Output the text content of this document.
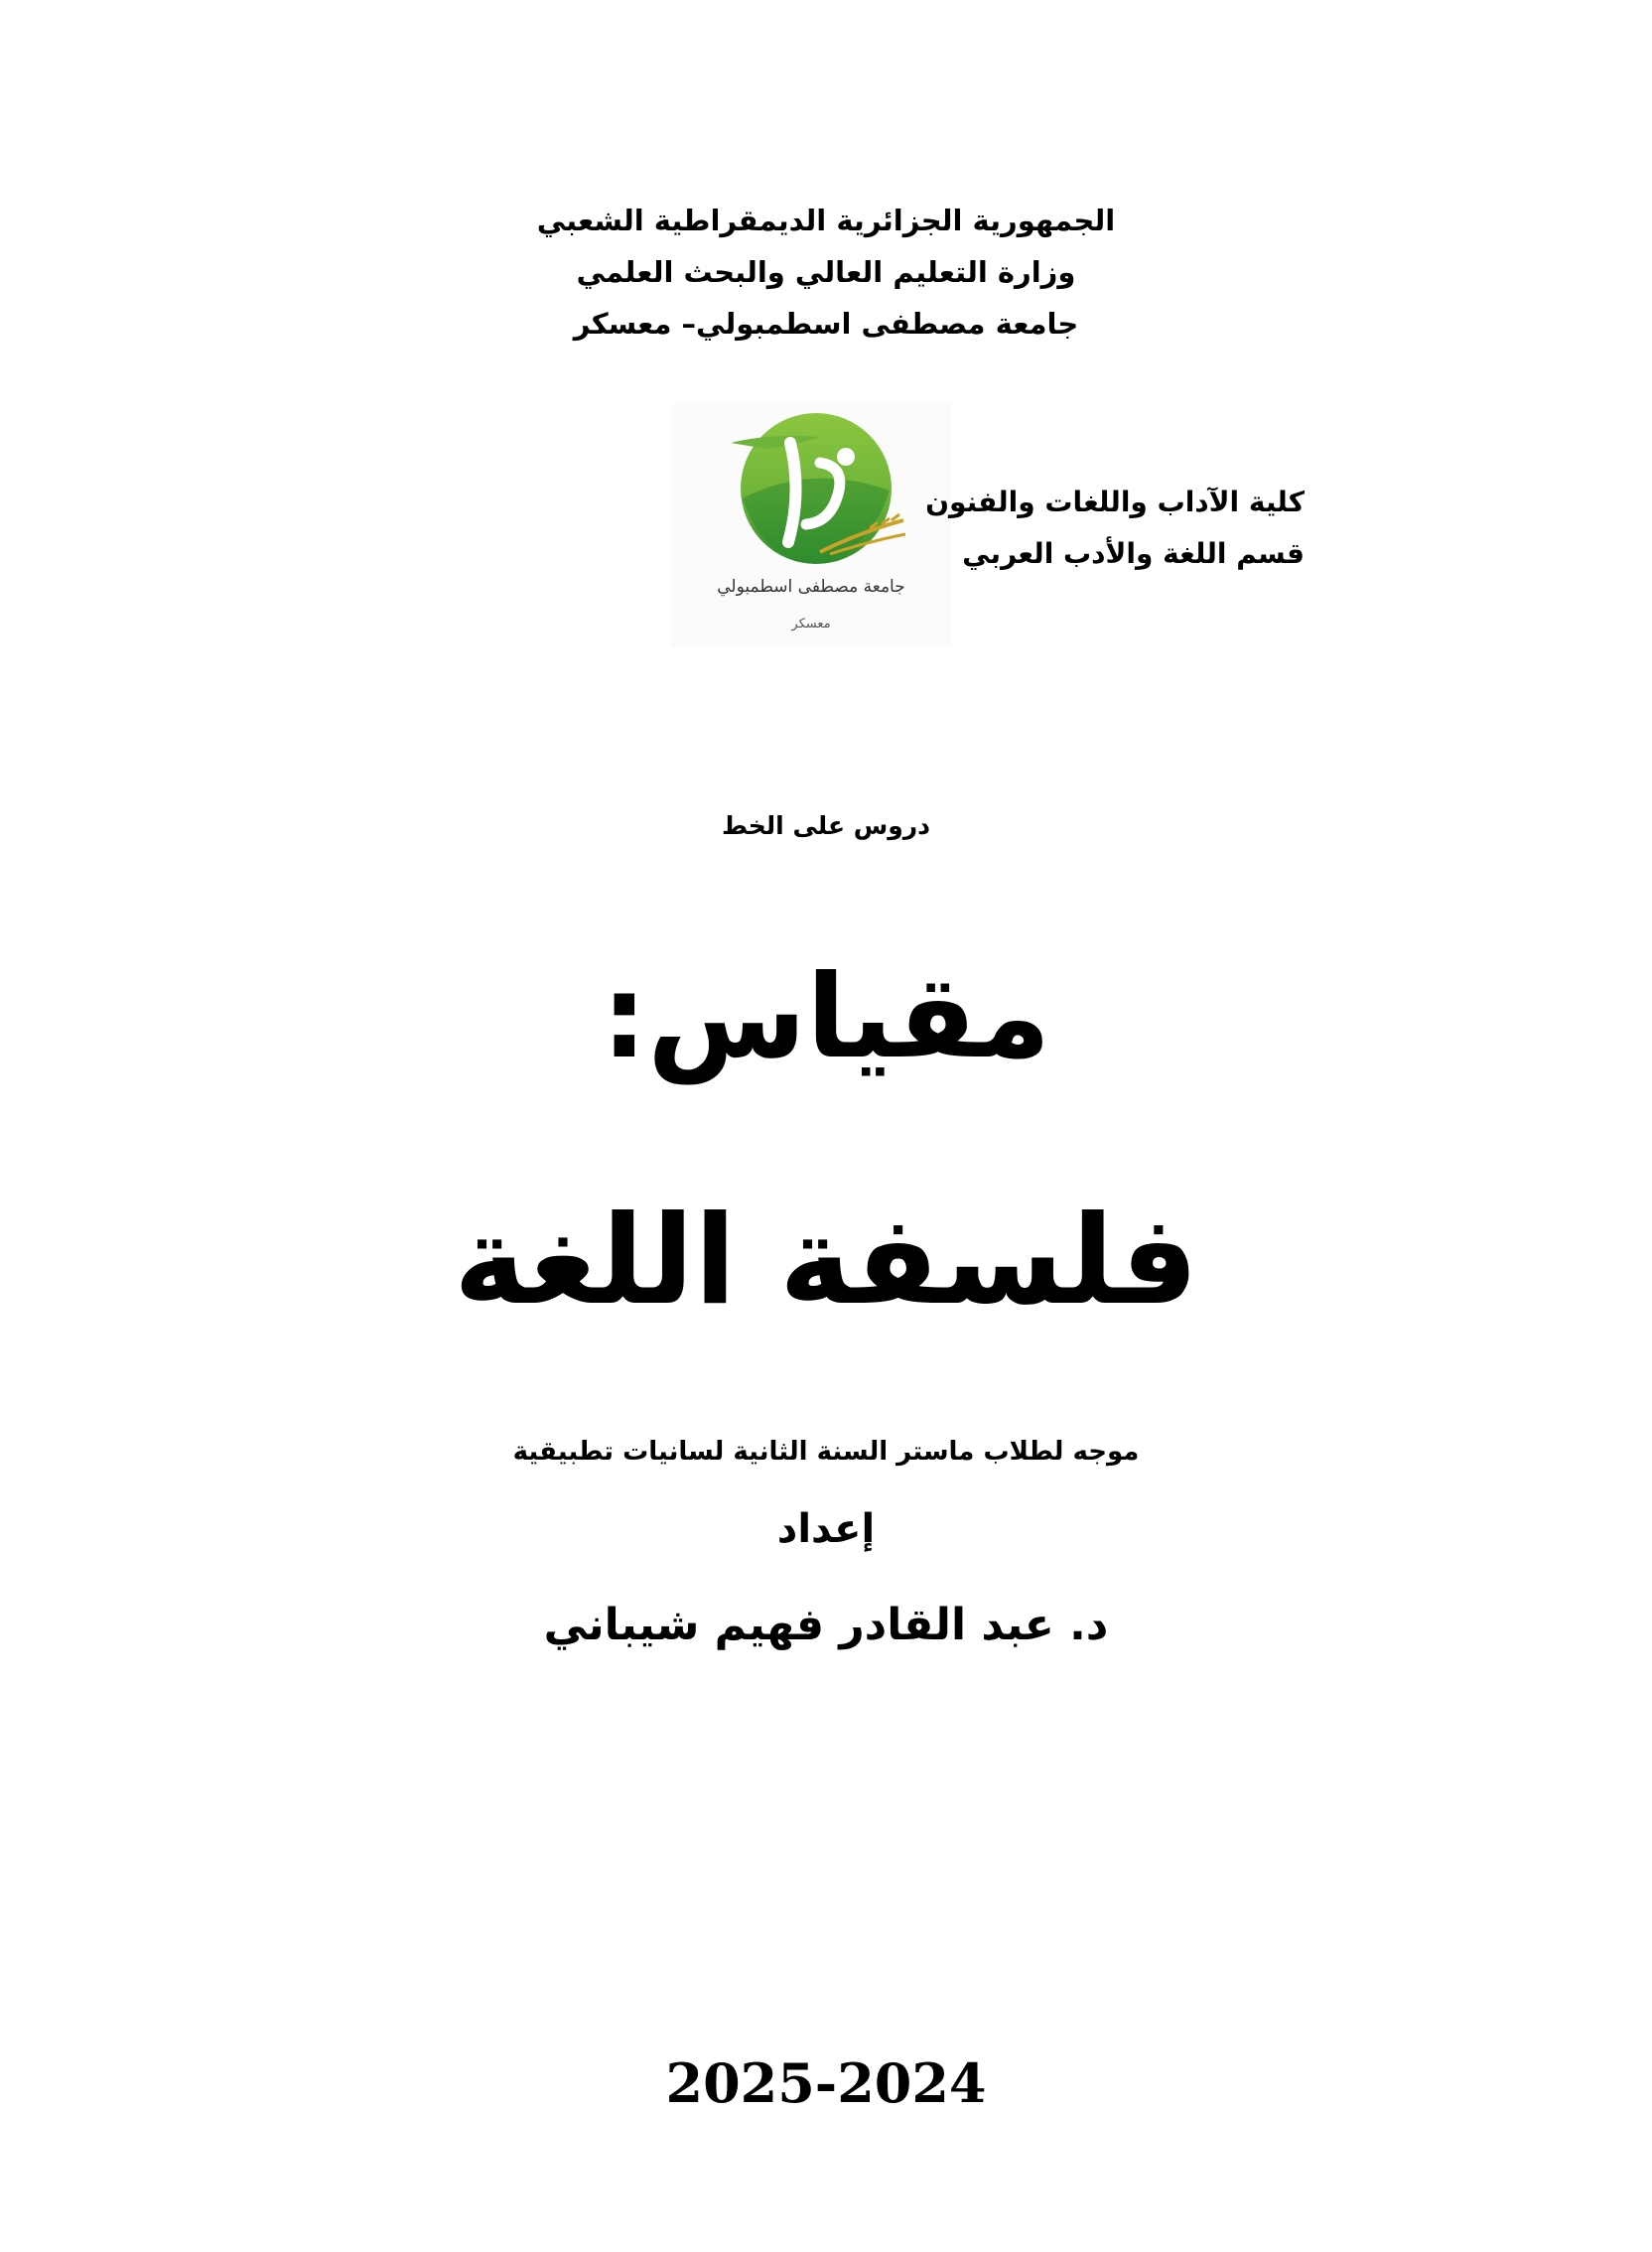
الجمهورية الجزائرية الديمقراطية الشعبي
وزارة التعليم العالي والبحث العلمي
جامعة مصطفى اسطمبولي– معسكر
جامعة مصطفى اسطمبولي
معسكر
كلية الآداب واللغات والفنون
قسم اللغة والأدب العربي
دروس على الخط
مقياس:
فلسفة اللغة
موجه لطلاب ماستر السنة الثانية لسانيات تطبيقية
إعداد
د. عبد القادر فهيم شيباني
2025-2024
